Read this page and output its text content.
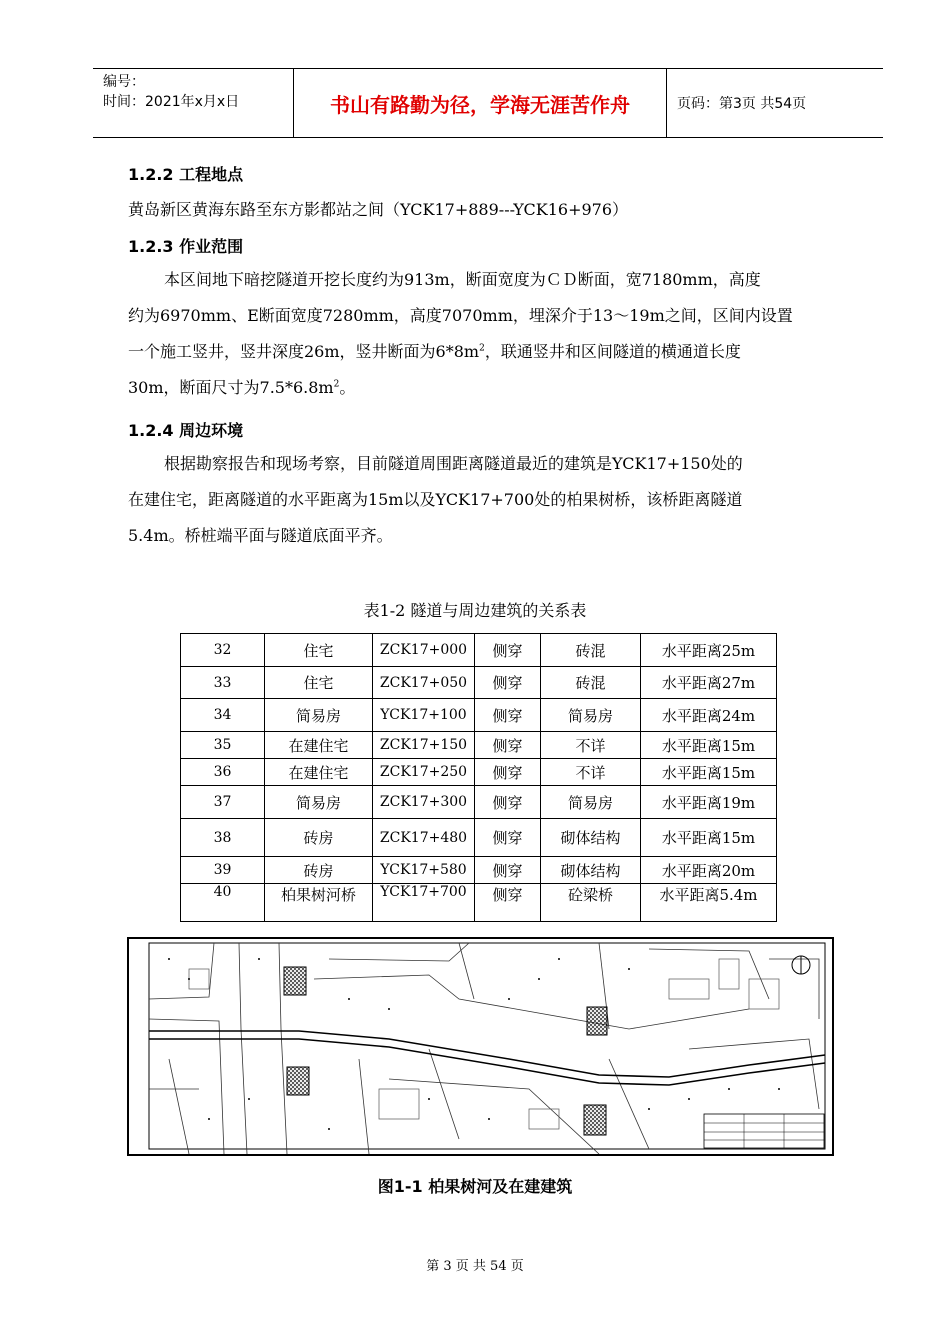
编号：
时间：2021年x月x日	书山有路勤为径，学海无涯苦作舟	页码：第3页 共54页
1.2.2 工程地点
黄岛新区黄海东路至东方影都站之间（YCK17+889---YCK16+976）
1.2.3 作业范围
本区间地下暗挖隧道开挖长度约为913m，断面宽度为ＣＤ断面，宽7180mm，高度
约为6970mm、E断面宽度7280mm，高度7070mm，埋深介于13～19m之间，区间内设置
一个施工竖井，竖井深度26m，竖井断面为$6*8m^2$，联通竖井和区间隧道的横通道长度
30m，断面尺寸为$7.5*6.8m^2$。
1.2.4 周边环境
根据勘察报告和现场考察，目前隧道周围距离隧道最近的建筑是YCK17+150处的
在建住宅，距离隧道的水平距离为15m以及YCK17+700处的柏果树桥，该桥距离隧道
5.4m。桥桩端平面与隧道底面平齐。
表1-2 隧道与周边建筑的关系表
32	住宅	ZCK17+000	侧穿	砖混	水平距离25m
33	住宅	ZCK17+050	侧穿	砖混	水平距离27m
34	简易房	YCK17+100	侧穿	简易房	水平距离24m
35	在建住宅	ZCK17+150	侧穿	不详	水平距离15m
36	在建住宅	ZCK17+250	侧穿	不详	水平距离15m
37	简易房	ZCK17+300	侧穿	简易房	水平距离19m
38	砖房	ZCK17+480	侧穿	砌体结构	水平距离15m
39	砖房	YCK17+580	侧穿	砌体结构	水平距离20m
40	柏果树河桥	YCK17+700	侧穿	砼梁桥	水平距离5.4m
图1-1 柏果树河及在建建筑
第 3 页 共 54 页
